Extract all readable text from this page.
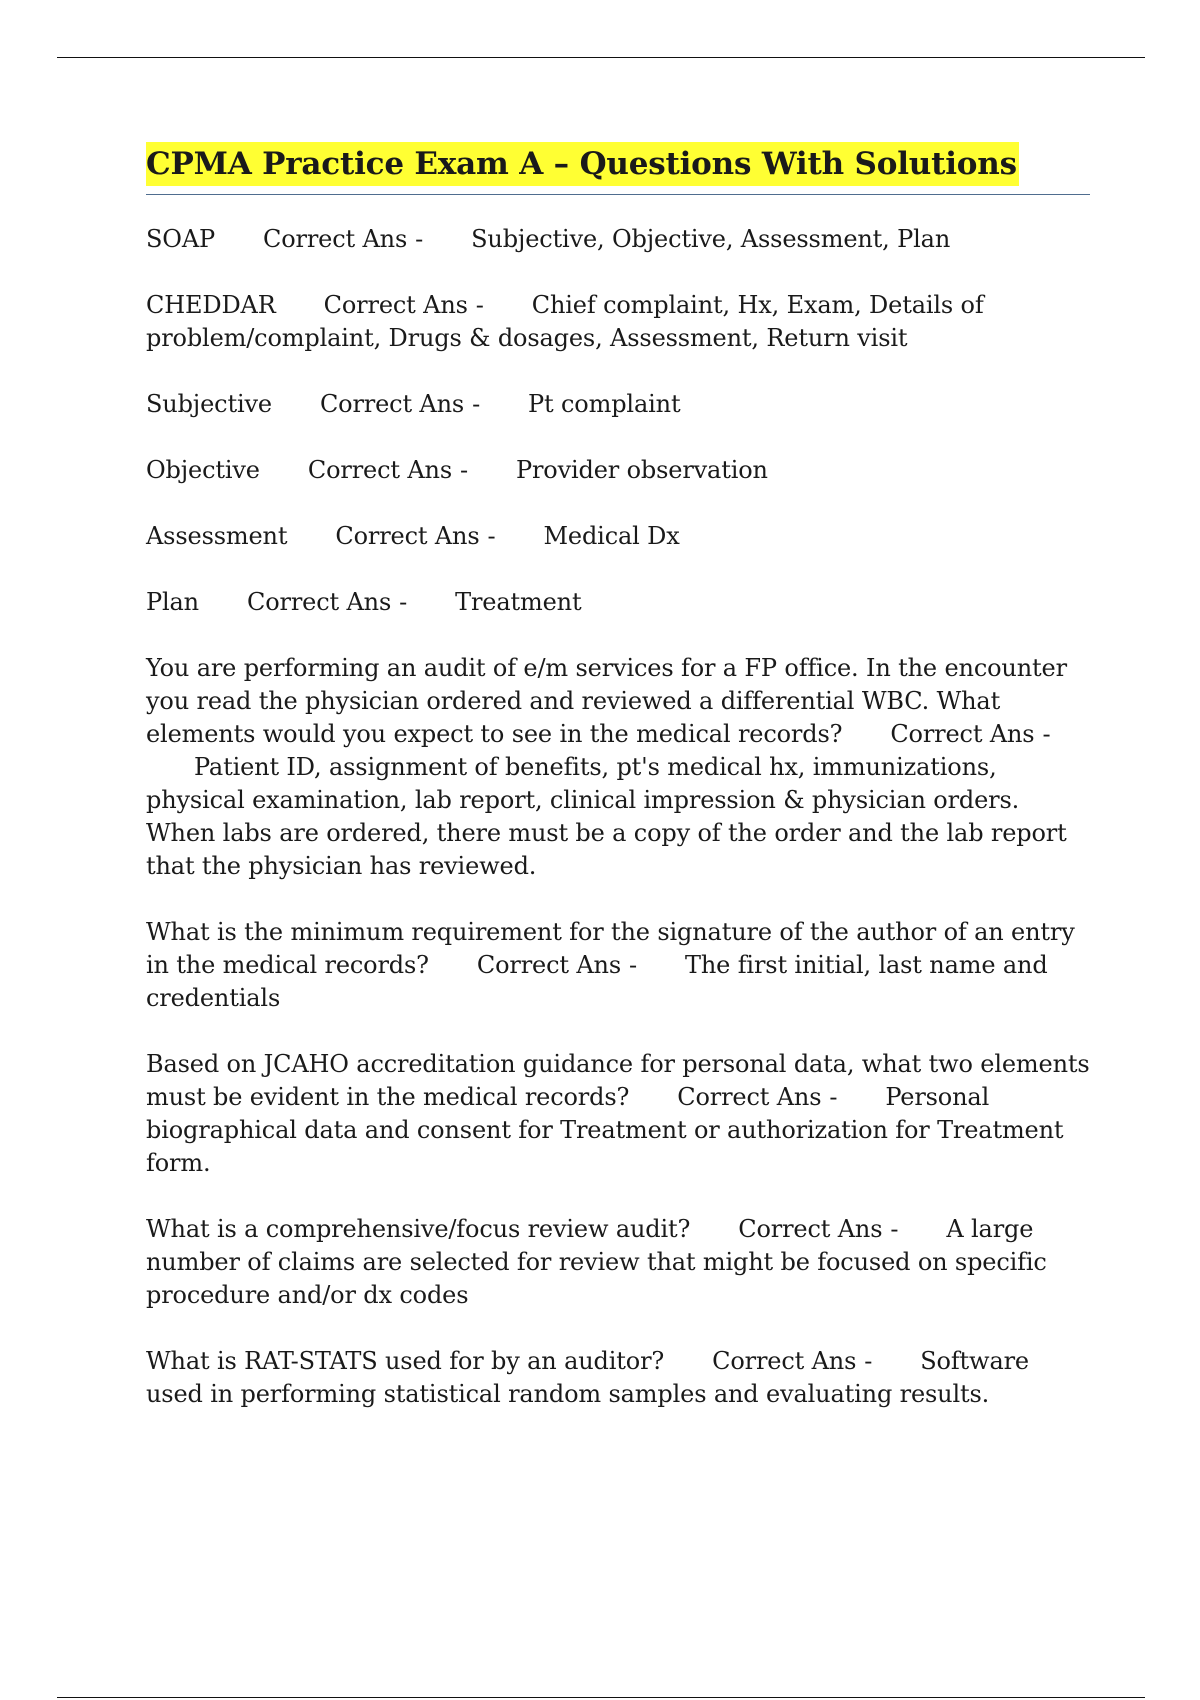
CPMA Practice Exam A – Questions With Solutions

SOAP Correct Ans - Subjective, Objective, Assessment, Plan

CHEDDAR Correct Ans - Chief complaint, Hx, Exam, Details of problem/complaint, Drugs & dosages, Assessment, Return visit

Subjective Correct Ans - Pt complaint

Objective Correct Ans - Provider observation

Assessment Correct Ans - Medical Dx

Plan Correct Ans - Treatment

You are performing an audit of e/m services for a FP office. In the encounter you read the physician ordered and reviewed a differential WBC. What elements would you expect to see in the medical records? Correct Ans -Patient ID, assignment of benefits, pt's medical hx, immunizations, physical examination, lab report, clinical impression & physician orders. When labs are ordered, there must be a copy of the order and the lab report that the physician has reviewed.

What is the minimum requirement for the signature of the author of an entry in the medical records? Correct Ans - The first initial, last name and credentials

Based on JCAHO accreditation guidance for personal data, what two elements must be evident in the medical records? Correct Ans - Personal biographical data and consent for Treatment or authorization for Treatment form.

What is a comprehensive/focus review audit? Correct Ans - A large number of claims are selected for review that might be focused on specific procedure and/or dx codes

What is RAT-STATS used for by an auditor? Correct Ans - Software used in performing statistical random samples and evaluating results.
